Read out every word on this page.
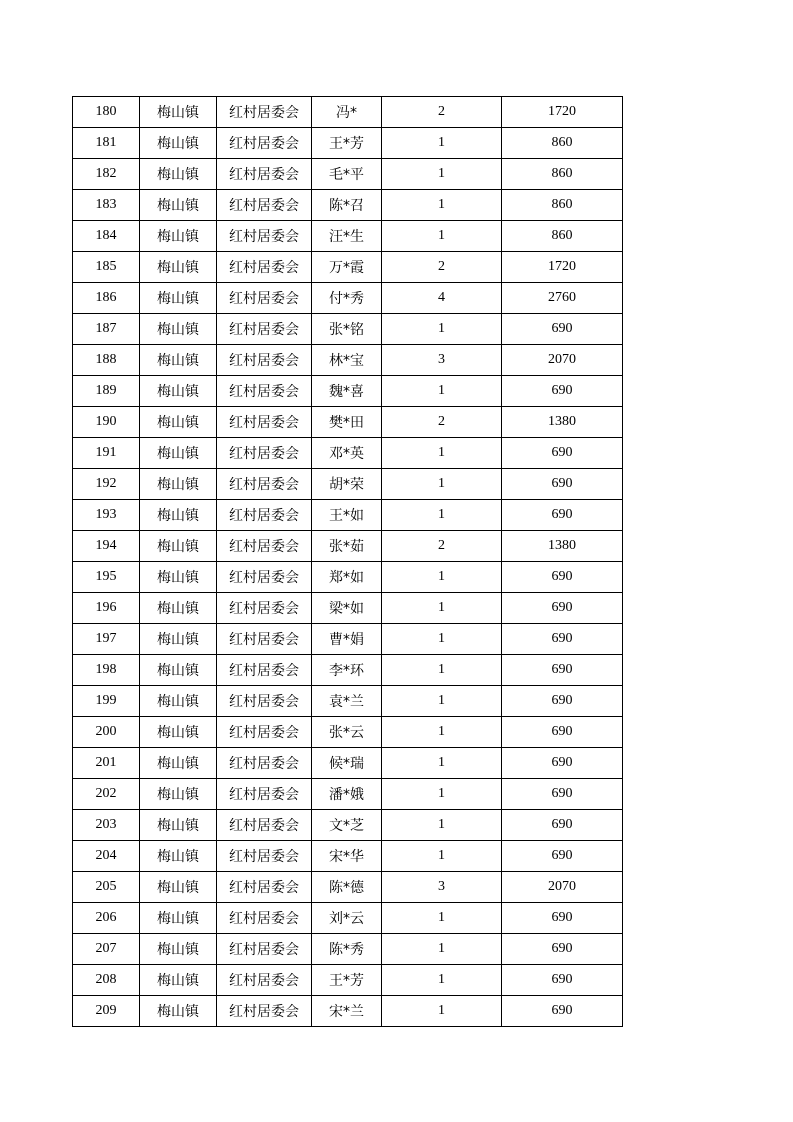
180	梅山镇	红村居委会	冯*	2	1720
181	梅山镇	红村居委会	王*芳	1	860
182	梅山镇	红村居委会	毛*平	1	860
183	梅山镇	红村居委会	陈*召	1	860
184	梅山镇	红村居委会	汪*生	1	860
185	梅山镇	红村居委会	万*霞	2	1720
186	梅山镇	红村居委会	付*秀	4	2760
187	梅山镇	红村居委会	张*铭	1	690
188	梅山镇	红村居委会	林*宝	3	2070
189	梅山镇	红村居委会	魏*喜	1	690
190	梅山镇	红村居委会	樊*田	2	1380
191	梅山镇	红村居委会	邓*英	1	690
192	梅山镇	红村居委会	胡*荣	1	690
193	梅山镇	红村居委会	王*如	1	690
194	梅山镇	红村居委会	张*茹	2	1380
195	梅山镇	红村居委会	郑*如	1	690
196	梅山镇	红村居委会	梁*如	1	690
197	梅山镇	红村居委会	曹*娟	1	690
198	梅山镇	红村居委会	李*环	1	690
199	梅山镇	红村居委会	袁*兰	1	690
200	梅山镇	红村居委会	张*云	1	690
201	梅山镇	红村居委会	候*瑞	1	690
202	梅山镇	红村居委会	潘*娥	1	690
203	梅山镇	红村居委会	文*芝	1	690
204	梅山镇	红村居委会	宋*华	1	690
205	梅山镇	红村居委会	陈*德	3	2070
206	梅山镇	红村居委会	刘*云	1	690
207	梅山镇	红村居委会	陈*秀	1	690
208	梅山镇	红村居委会	王*芳	1	690
209	梅山镇	红村居委会	宋*兰	1	690
